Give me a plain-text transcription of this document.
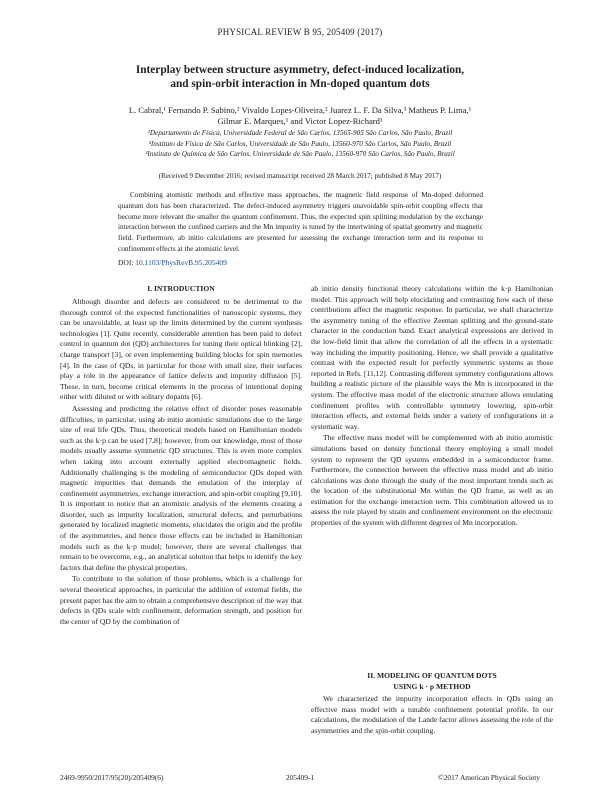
PHYSICAL REVIEW B 95, 205409 (2017)
Interplay between structure asymmetry, defect-induced localization,
and spin-orbit interaction in Mn-doped quantum dots
L. Cabral,¹ Fernando P. Sabino,² Vivaldo Lopes-Oliveira,² Juarez L. F. Da Silva,³ Matheus P. Lima,¹
Gilmar E. Marques,¹ and Victor Lopez-Richard¹
¹Departamento de Física, Universidade Federal de São Carlos, 13565-905 São Carlos, São Paulo, Brazil
²Instituto de Física de São Carlos, Universidade de São Paulo, 13560-970 São Carlos, São Paulo, Brazil
³Instituto de Química de São Carlos, Universidade de São Paulo, 13560-970 São Carlos, São Paulo, Brazil
(Received 9 December 2016; revised manuscript received 28 March 2017; published 8 May 2017)
Combining atomistic methods and effective mass approaches, the magnetic field response of Mn-doped deformed quantum dots has been characterized. The defect-induced asymmetry triggers unavoidable spin-orbit coupling effects that become more relevant the smaller the quantum confinement. Thus, the expected spin splitting modulation by the exchange interaction between the confined carriers and the Mn impurity is tuned by the intertwining of spatial geometry and magnetic field. Furthermore, ab initio calculations are presented for assessing the exchange interaction term and its response to confinement effects at the atomistic level.
DOI: 10.1103/PhysRevB.95.205409
I. INTRODUCTION

Although disorder and defects are considered to be detrimental to the thorough control of the expected functionalities of nanoscopic systems, they can be unavoidable, at least up the limits determined by the current synthesis technologies [1]. Quite recently, considerable attention has been paid to defect control in quantum dot (QD) architectures for tuning their optical blinking [2], charge transport [3], or even implementing building blocks for spin memories [4]. In the case of QDs, in particular for those with small size, their surfaces play a role in the appearance of lattice defects and impurity diffusion [5]. These, in turn, become critical elements in the process of intentional doping either with diluted or with solitary dopants [6].

Assessing and predicting the relative effect of disorder poses reasonable difficulties, in particular, using ab initio atomistic simulations due to the large size of real life QDs. Thus, theoretical models based on Hamiltonian models such as the k·p can be used [7,8]; however, from our knowledge, most of those models usually assume symmetric QD structures. This is even more complex when taking into account externally applied electromagnetic fields. Additionally challenging is the modeling of semiconductor QDs doped with magnetic impurities that demands the emulation of the interplay of confinement asymmetries, exchange interaction, and spin-orbit coupling [9,10]. It is important to notice that an atomistic analysis of the elements creating a disorder, such as impurity localization, structural defects, and perturbations generated by localized magnetic moments, elucidates the origin and the profile of the asymmetries, and hence those effects can be included in Hamiltonian models such as the k·p model; however, there are several challenges that remain to be overcome, e.g., an analytical solution that helps to identify the key factors that define the physical properties.

To contribute to the solution of those problems, which is a challenge for several theoretical approaches, in particular the addition of external fields, the present paper has the aim to obtain a comprehensive description of the way that defects in QDs scale with confinement, deformation strength, and position for the center of QD by the combination of

ab initio density functional theory calculations within the k·p Hamiltonian model. This approach will help elucidating and contrasting how each of these contributions affect the magnetic response. In particular, we shall characterize the asymmetry tuning of the effective Zeeman splitting and the ground-state character in the conduction band. Exact analytical expressions are derived in the low-field limit that allow the correlation of all the effects in a systematic way including the impurity positioning. Hence, we shall provide a qualitative contrast with the expected result for perfectly symmetric systems as those reported in Refs. [11,12]. Contrasting different symmetry configurations allows building a realistic picture of the plausible ways the Mn is incorporated in the system. The effective mass model of the electronic structure allows emulating confinement profiles with controllable symmetry lowering, spin-orbit interaction effects, and external fields under a variety of configurations in a systematic way.

The effective mass model will be complemented with ab initio atomistic simulations based on density functional theory employing a small model system to represent the QD systems embedded in a semiconductor frame. Furthermore, the connection between the effective mass model and ab initio calculations was done through the study of the most important trends such as the location of the substitutional Mn within the QD frame, as well as an estimation for the exchange interaction term. This combination allowed us to assess the role played by strain and confinement environment on the electronic properties of the system with different degrees of Mn incorporation.

II. MODELING OF QUANTUM DOTS
USING k · p METHOD

We characterized the impurity incorporation effects in QDs using an effective mass model with a tunable confinement potential profile. In our calculations, the modulation of the Lande factor allows assessing the role of the asymmetries and the spin-orbit coupling.

2469-9950/2017/95(20)/205409(6)	205409-1	©2017 American Physical Society
